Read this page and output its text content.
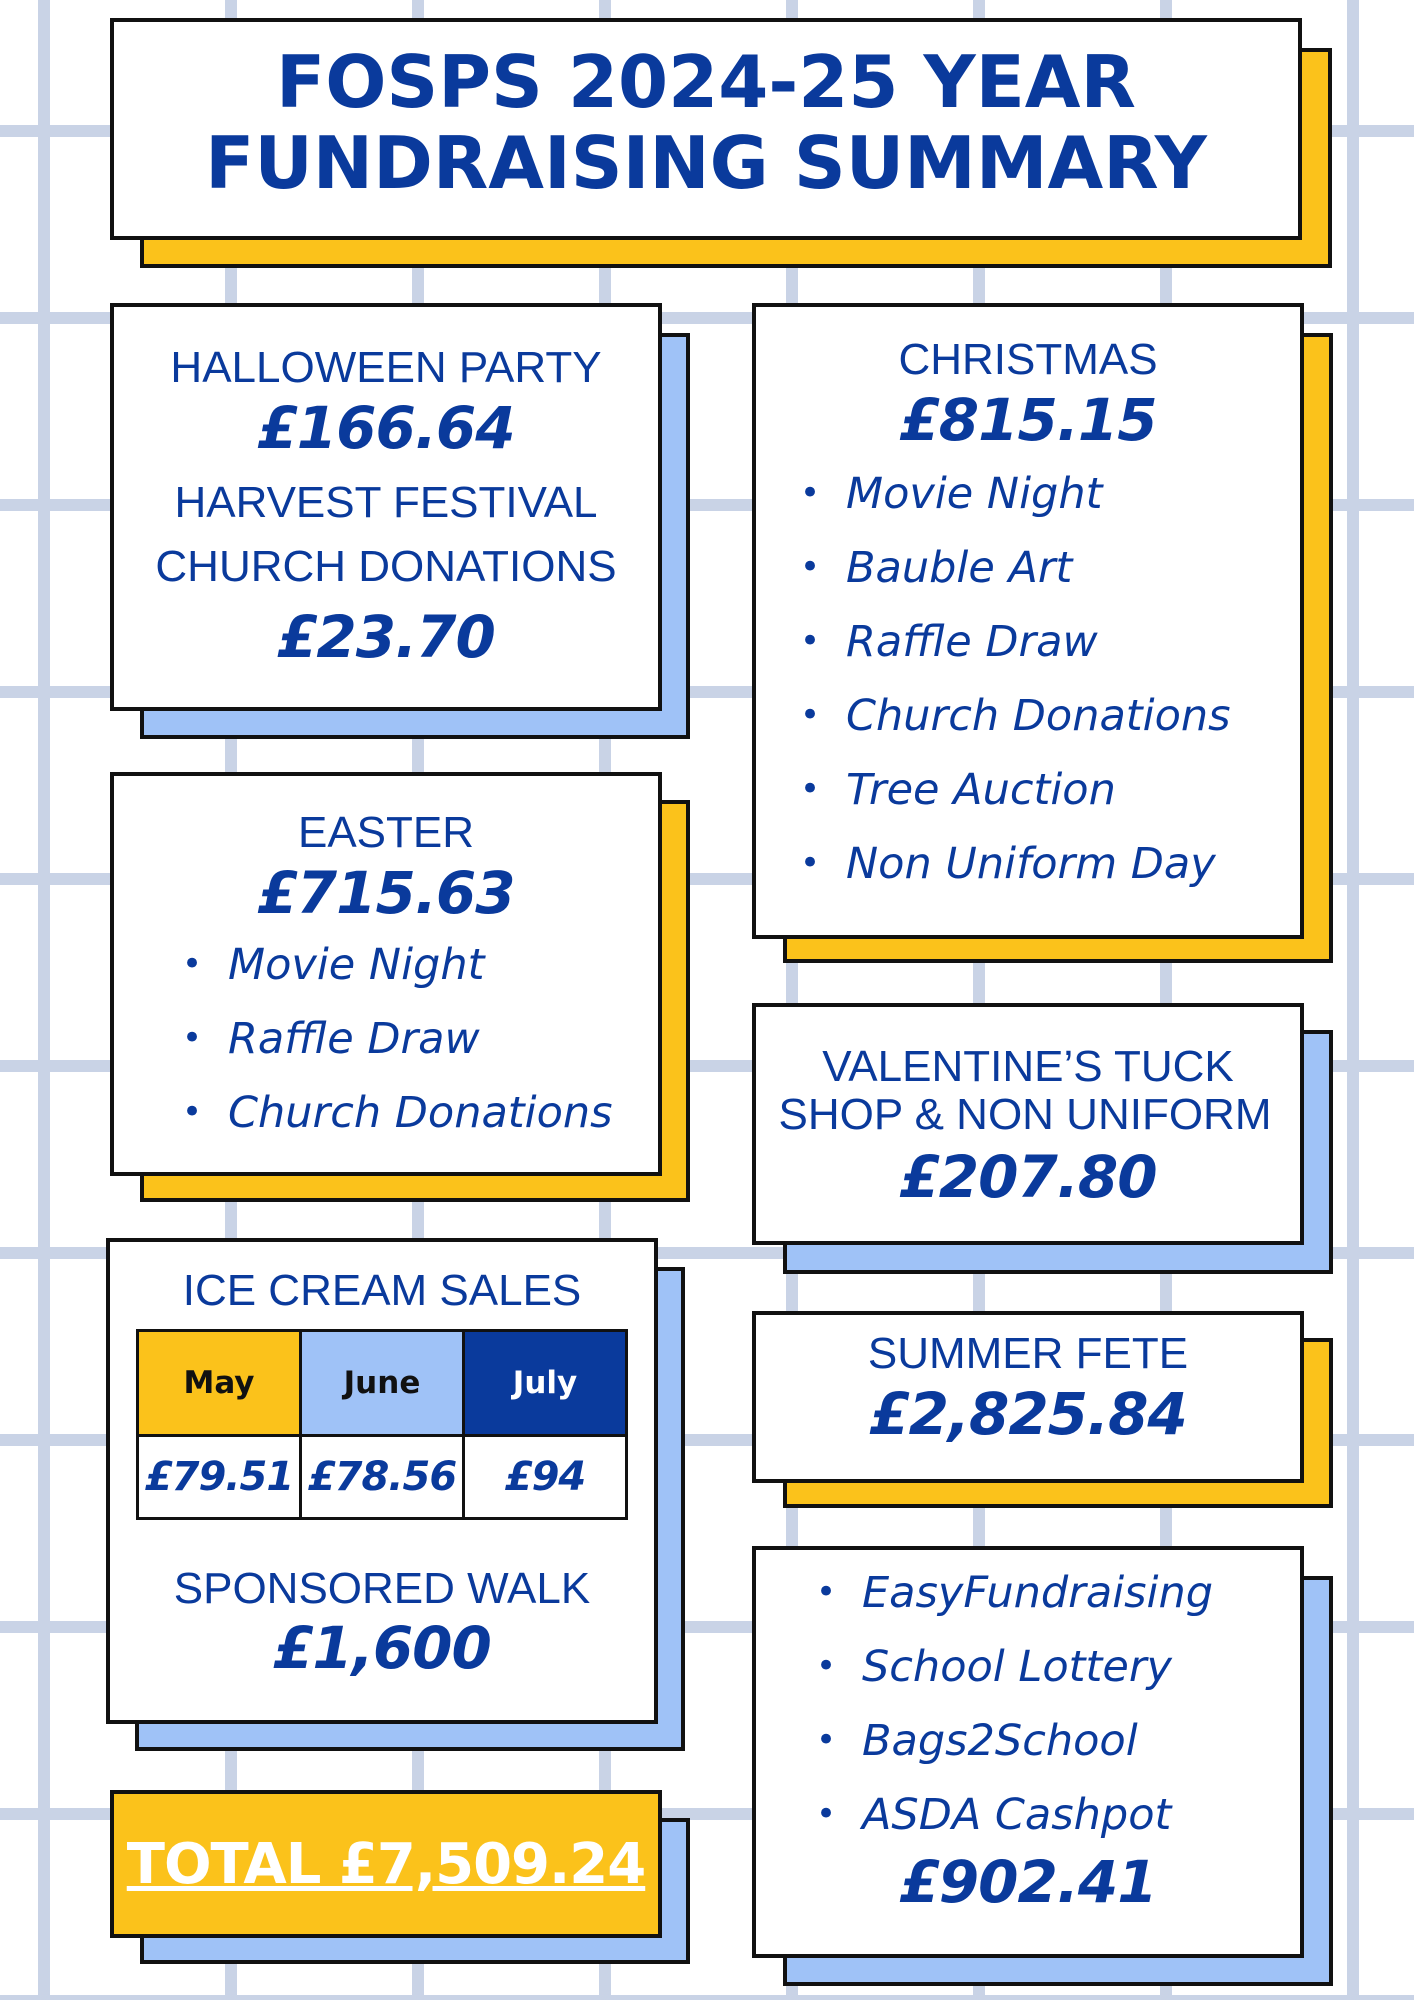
FOSPS 2024-25 YEAR
FUNDRAISING SUMMARY
HALLOWEEN PARTY
£166.64
HARVEST FESTIVAL
CHURCH DONATIONS
£23.70
CHRISTMAS
£815.15
• Movie Night
• Bauble Art
• Raffle Draw
• Church Donations
• Tree Auction
• Non Uniform Day
EASTER
£715.63
• Movie Night
• Raffle Draw
• Church Donations
VALENTINE’S TUCK
SHOP & NON UNIFORM
£207.80
ICE CREAM SALES
May	June	July
£79.51	£78.56	£94
SPONSORED WALK
£1,600
SUMMER FETE
£2,825.84
• EasyFundraising
• School Lottery
• Bags2School
• ASDA Cashpot
£902.41
TOTAL £7,509.24
